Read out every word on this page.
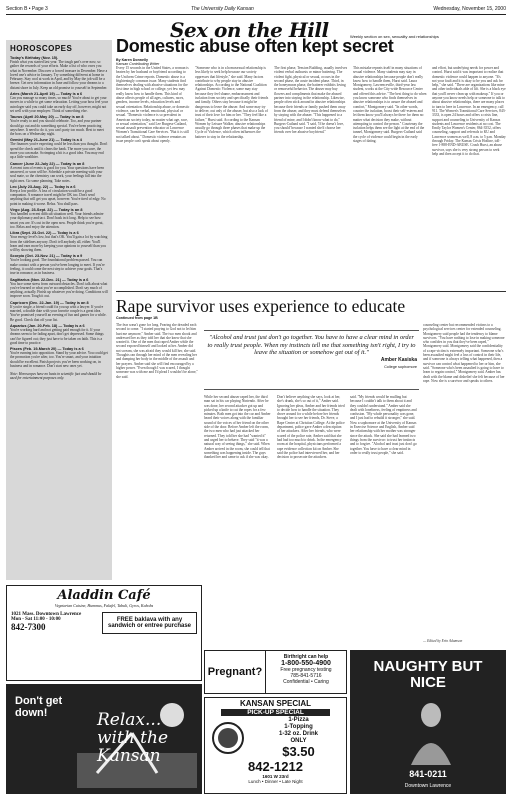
Section B • Page 3	The University Daily Kansan	Wednesday, November 15, 2000
Sex on the Hill	Weekly section on sex, sexuality and relationships
HOROSCOPES
Today's Birthday (Nov. 15).
Finish what you started last year. The tough part's over now, so gather the rewards of your efforts. Make a list of who owes you what in November. Discover a forced treasure in December. Have a loved one's advice in January. Try something different at home in February. Stay cool at work in April, and by May the job will be a breeze. Get new information in June and follow your dreams to a distant shore in July. Keep an old promise to yourself in September.
Aries (March 21-April 19) — Today is a 6
Can you manage so many times, so much? You're about to get your moves in a while to get some relaxation. Letting your boss feel your astrologer said you could take an early day off, however, might not set well with your employer. Think of something else.
Taurus (April 20-May 20) — Today is an 8
You're ready to and you should celebrate. Too, and your partner should go out and do something special. You've been practicing anywhere. It need to do it, you can't party too much. Best to meet the boss on a Wednesday night.
Gemini (May 21-June 21) — Today is a 4
The finances you're expecting could be less than you thought. Don't spend the check until it clears the bank. The more you save, the more you can make. Scrimping a bit is a good idea. You may end up a little wealthier.
Cancer (June 22-July 22) — Today is an 8
A recent turn of events is good for you. Your questions have been answered, or soon will be. Schedule a private meeting with your soul mate, so the chemistry can work, your feelings fall into the right ones. Go some planning. Take notes.
Leo (July 23-Aug. 22) — Today is a 6
Keep a low profile. A loss of circulation would be a good companion. A romance travel might be OK too. Don't send anything that will get you upset, however. You're tired of edgy. No point in making it worse. Relax. You shall pass.
Virgo (Aug. 23-Sept. 22) — Today is an 8
You handled a recent difficult situation well. Your friends admire your diplomacy and tact. Don't bask in it long. Help to see how smart you are. It's out in the open now. People think you're great, too. Relax and enjoy the attention.
Libra (Sept. 23-Oct. 22) — Today is a 6
Your energy level's low, but that's OK. You'll gain a lot by watching from the sidelines anyway. Don't tell anybody all, either. You'll learn and earn more by keeping your opinions to yourself than you will by showing them.
Scorpio (Oct. 23-Nov. 21) — Today is a 9
You're looking good. The foundational problem passed. You can make contact with a person you've been longing to meet. If you're feeling, it could come the next step to achieve your goals. That's true in romance, as in business.
Sagittarius (Nov. 22-Dec. 21) — Today is a 6
You face some stress from outward obstacles. Don't talk about what you've learned or what you've accomplished. Don't say much of anything, actually. Finish up whatever you're doing. Conditions will improve soon. Tough it out.
Capricorn (Dec. 22-Jan. 19) — Today is an 8
If you're single, a friend could fix you up with a lawyer. If you're married, a double date with your favorite couple is a great idea. You've promised yourself an evening of fun and games for a while. Be good. Check that off your list.
Aquarius (Jan. 20-Feb. 18) — Today is a 6
You're working hard and not getting paid enough for it. If your dreams seem to be fading apart, don't get depressed. Some things can't be figured out; they just have to be taken on faith. This is a good time to practice.
Pisces (Feb. 19-March 20) — Today is a 6
You're running into opposition. Stand by your advice. You could get the promotion you're after, too. You're smart, and your intuition should be excellent. Finish projects you've been working on, in business and in romance. Don't start new ones yet.
Note: Horoscopes have no basis in scientific fact and should be used for entertainment purposes only.
Domestic abuse often kept secret
By Karen Donnelly
Kansan Contributing Writer
Every 15 seconds in the United States, a woman is beaten by her husband or boyfriend according to the Uniform Crime reports. Domestic abuse is a frighteningly common issue. Many students find themselves dealing with abusive situations for the first time in high school or college, yet few may really know how to handle them. This kind of abuse affects people of all ages, cultures, races, genders, income levels, education levels and sexual orientation. Relationship abuse, or domestic violence, can be verbal, emotional, physical or sexual. "Domestic violence is so prevalent in American society today, no matter what age, race, or sexual orientation," said Lee Burgess-Cutland, sexual assault prevention educator at Lawrence Women's Transitional Care Services. "But it is still not talked about." Domestic violence remains an issue people can't speak about openly.
"Someone who is in a homosexual relationship is less likely to seek help because our society oppresses that lifestyle," she said. Many factors contribute to why people stay in abusive relationships. According to the National Coalition Against Domestic Violence, some may stay because they feel shame, embarrassment and isolation from society and specifically their friends and family. Others stay because it might be dangerous to leave the abuser. And some may try to deliver, out only of the abuser, but also a lack of trust of their love for him or her. "They feel like a failure," Hurst said. According to the Kansan Women by Leisure Walker, abusive relationships usually go through three phases that make up the Cycle of Violence, which often influences the batterer to stay in the relationship.
The first phase, Tension Building, usually involves violent verbal outbursts or minor battering. The violent fight, physical or sexual, occurs in the second phase, the acute incident phase. Third, in the honeymoon phase, the batterer exhibits loving or remorseful behavior. The abuser may buy flowers and compliments that make the abused partner into staying in the relationship. Likewise, people often stick around in abusive relationships because their friends or family pushed them away from the abuser, and they must defend themselves by staying with the abuser. "This happened to a friend of mine, and I didn't know what to do," Burgess-Cutland said. "I said, 'If he doesn't love, you should' because I wanted she'd choose her friends over her abusive boyfriend."
This mistake repeats itself in many situations of sexual violence. Many students may stay in abusive relationships because people don't really know how to handle them, Hurst said. Laura Montgomery, Lawrenceville, third-year law student, works at the City-wide Resource Center and offered this advice. "The best thing to do when you know someone who finds themselves in abusive relationships is to assure the abused and comfort," Montgomery said. "In other words, counter the isolation, boost their self-esteem and let them know you'll always be there for them no matter what decision they make, without attempting to control the person." Courtenay the isolation helps them see the light at the end of the tunnel, Montgomery said. Burgess-Cutland said the cycle of violence could begin in the early stages of dating.
and effort, but underlying needs for power and control. Hurst said it was important to realize that domestic violence could happen to anyone. "It's not your fault and it is okay to be you and ask for help," she said. "There are organizations like mine and other individuals able of lift. She is a black eye that you'll never clean up with makeup." If you or anyone you know needs help or someone to talk to about abusive relationships, there are many places to turn to here in Lawrence. In an emergency, call 911. The Women's Transitional Care Services, 843-3333, is open 24 hours and offers a crisis line, support and counseling to University of Kansas students and Lawrence residents at no cost. The Emily Taylor Women's Center, 864-3552, offers counseling, support and referrals to KU and Lawrence women as well, 8 a.m. to 5 p.m. Monday through Friday. The Kansas Crisis Hotline, toll-free 1-888-END-ABUSE. Crush Hurst, an abuse survivor, says she is very strong person to seek help and then accept it to do that.
Rape survivor uses experience to educate
Continued from page 1B
The fear wasn't gone for long. Fearing she dreaded each second to come. "I started praying to God not to let him hurt me anymore," Amber said. The two men shook and undressed her as they told her that she knew that she wanted it. One of the men that raped Amber while the second exposed himself and looked at her. Amber did not scream, she was afraid they would kill her, she said. Thoughts ran through her mind of the men revealing her and dumping her body in the middle of the assault and her prayers. Amber said she will find encouraged by a higher power. "Even though I was scared, I thought someone was with me and I'd plead I wouldn't be alone," she said.
"Alcohol and trust just don't go together. You have to have a clear mind in order to really trust people. When my instincts tell me that something isn't right, I try to leave the situation or somehow get out of it."
Amber Kasiska
College sophomore
While her second abuser raped her, the third man sat in his car playing Nintendo. After he was done, her second attacker got up and picked up a knife to cut the ropes for a few minutes. Both men got into the car and Amber heard their voices along with the familiar sound of the voices of her friend on the other side of the door. Before Amber left the room, the two men who had just attacked her returned. They told her she had "wanted it" and urged her to behave. They said "it was a natural way of seeing things," she said. When Amber arrived in the room, she could tell that something was happening inside. The guys thanked her and came to ask if she was okay.
Don't believe anything she says, look at her, she's drunk, she's so out of it," Amber said. Ignoring her pleas, Amber and her friends tried to decide how to handle the situation. They drove around for a while before her friends brought her to see her friends, Dr. Steve, a Rape Center at Christian College. At the police department, police gave Amber a description of her attackers. After her friends, who were scared of the police rate, Amber said that she had had too much to drink. In the emergency room at the hospital, physicians performed a rape evidence collection kit on Amber. She said the police had interviewed her, and her decision to prosecute the attackers.
said. "My friends would be mulling but because I couldn't talk to them about it and they couldn't understand." Amber said she dealt with loneliness, feeling of emptiness and confusion. "My whole personality was gone, and I just had to rebuild it stronger," she said. Now a sophomore at the University of Kansas in Exercise Science and English, Amber said her relationship with her mother was stronger since the attack. She said she had learned two things from the survivor: to trust her instincts and to forgive. "Alcohol and trust just don't go together. You have to have a clear mind in order to really trust people," she said.
counseling center but recommended victims to a psychological services center for extended counseling. Montgomery said people had the tendency to blame survivors. "You have nothing to lose in making someone who confides in you that they've been raped," Montgomery said. Montgomery said the confidentiality of a rape victim is extremely important. Someone who's been assaulted might feel a loss of control in their life, and if someone is always telling what happened, then a survivor can control what happened to her or him, she said. "Someone who's been assaulted is going to have to learn to regain control," Montgomery said. Amber has dealt with the blame and disbelief she felt because of her rape. Now she is a survivor and speaks to others.
— Edited by Erin Adamson
Aladdin Café
Vegetarian Cuisine, Hummus, Falafel, Tabuli, Gyros, Kabobs
1021 Mass. Downtown Lawrence
Mon - Sat 11:00 - 10:00
842-7300
FREE baklava with any sandwich or entree purchase
Don't get down!	Relax... with the Kansan
Pregnant?
Birthright can help
1-800-550-4900
Free pregnancy testing
785-841-5716
Confidential • Caring
KANSAN SPECIAL
PICK-UP SPECIAL
1-Pizza
1-Topping
1-32 oz. Drink
ONLY
$3.50
842-1212
1601 W 23rd
Lunch • Dinner • Late Night
NAUGHTY BUT NICE
841-0211
Downtown Lawrence
